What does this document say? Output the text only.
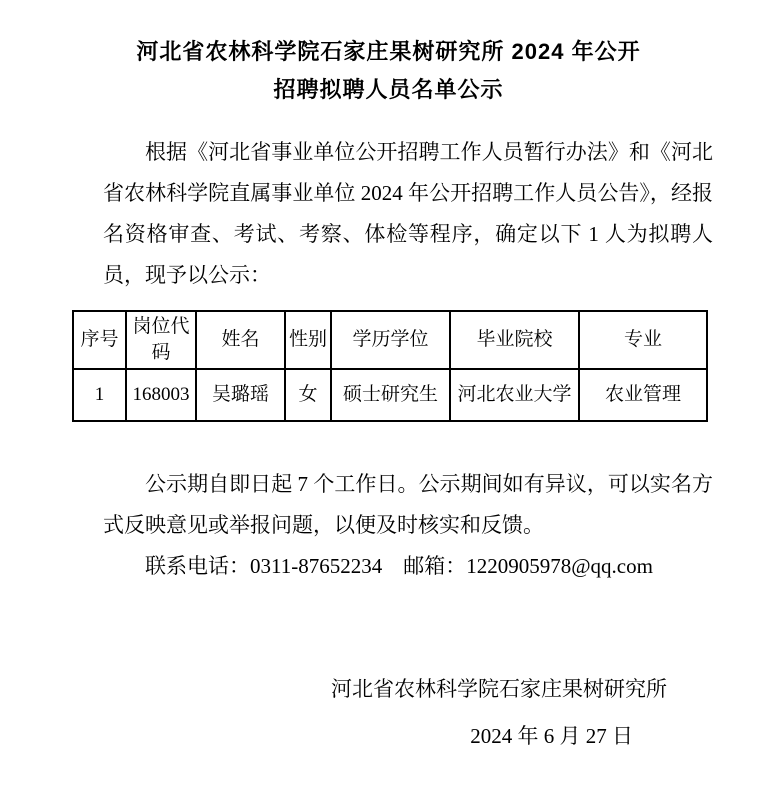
河北省农林科学院石家庄果树研究所 2024 年公开
招聘拟聘人员名单公示

根据《河北省事业单位公开招聘工作人员暂行办法》和《河北省农林科学院直属事业单位 2024 年公开招聘工作人员公告》，经报名资格审查、考试、考察、体检等程序，确定以下 1 人为拟聘人员，现予以公示：

序号	岗位代码	姓名	性别	学历学位	毕业院校	专业
1	168003	吴璐瑶	女	硕士研究生	河北农业大学	农业管理

公示期自即日起 7 个工作日。公示期间如有异议，可以实名方式反映意见或举报问题，以便及时核实和反馈。

联系电话：0311-87652234　邮箱：1220905978@qq.com

河北省农林科学院石家庄果树研究所
2024 年 6 月 27 日
